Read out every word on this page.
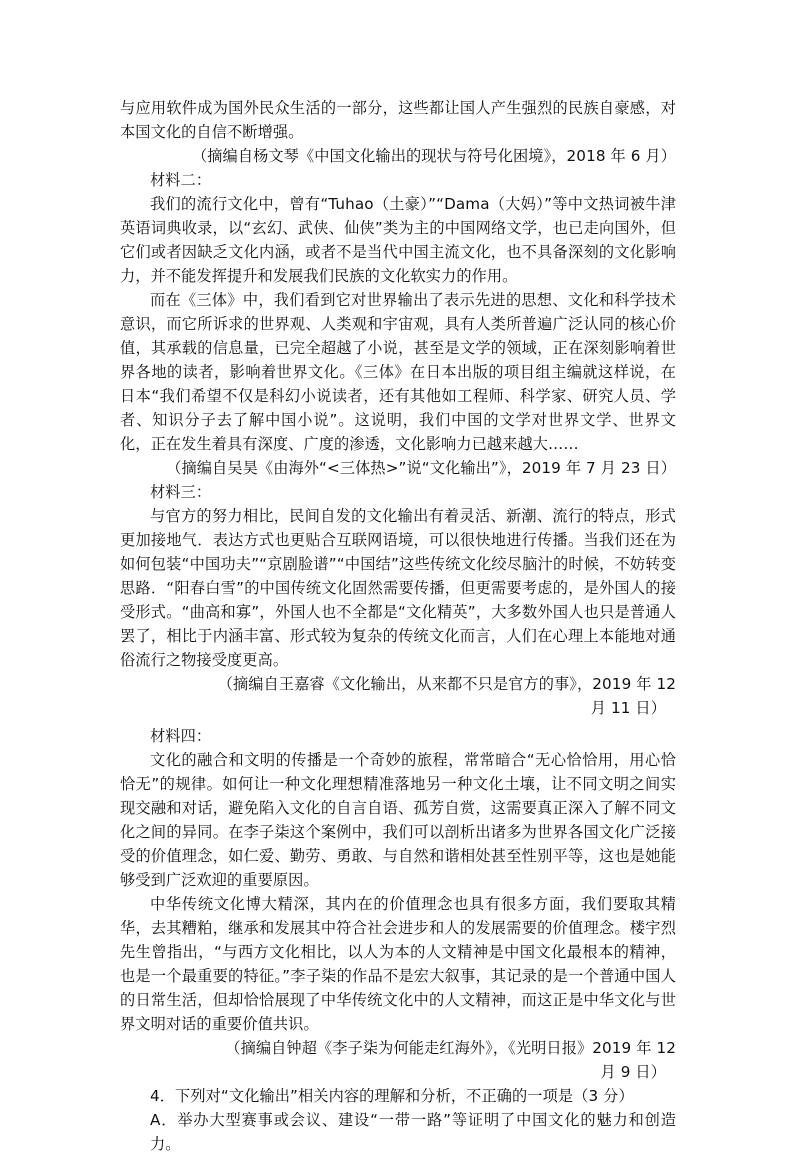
与应用软件成为国外民众生活的一部分，这些都让国人产生强烈的民族自豪感，对本国文化的自信不断增强。

（摘编自杨文琴《中国文化输出的现状与符号化困境》，2018 年 6 月）

材料二：

我们的流行文化中，曾有“Tuhao（土豪）”“Dama（大妈）”等中文热词被牛津英语词典收录，以“玄幻、武侠、仙侠”类为主的中国网络文学，也已走向国外，但它们或者因缺乏文化内涵，或者不是当代中国主流文化，也不具备深刻的文化影响力，并不能发挥提升和发展我们民族的文化软实力的作用。

而在《三体》中，我们看到它对世界输出了表示先进的思想、文化和科学技术意识，而它所诉求的世界观、人类观和宇宙观，具有人类所普遍广泛认同的核心价值，其承载的信息量，已完全超越了小说，甚至是文学的领域，正在深刻影响着世界各地的读者，影响着世界文化。《三体》在日本出版的项目组主编就这样说，在日本“我们希望不仅是科幻小说读者，还有其他如工程师、科学家、研究人员、学者、知识分子去了解中国小说”。这说明，我们中国的文学对世界文学、世界文化，正在发生着具有深度、广度的渗透，文化影响力已越来越大……

（摘编自吴昊《由海外“<三体热>”说“文化输出”》，2019 年 7 月 23 日）

材料三：

与官方的努力相比，民间自发的文化输出有着灵活、新潮、流行的特点，形式更加接地气．表达方式也更贴合互联网语境，可以很快地进行传播。当我们还在为如何包装“中国功夫”“京剧脸谱”“中国结”这些传统文化绞尽脑汁的时候，不妨转变思路．“阳春白雪”的中国传统文化固然需要传播，但更需要考虑的，是外国人的接受形式。“曲高和寡”，外国人也不全都是“文化精英”，大多数外国人也只是普通人罢了，相比于内涵丰富、形式较为复杂的传统文化而言，人们在心理上本能地对通俗流行之物接受度更高。

（摘编自王嘉睿《文化输出，从来都不只是官方的事》，2019 年 12

月 11 日）

材料四：

文化的融合和文明的传播是一个奇妙的旅程，常常暗合“无心恰恰用，用心恰恰无”的规律。如何让一种文化理想精准落地另一种文化土壤，让不同文明之间实现交融和对话，避免陷入文化的自言自语、孤芳自赏，这需要真正深入了解不同文化之间的异同。在李子柒这个案例中，我们可以剖析出诸多为世界各国文化广泛接受的价值理念，如仁爱、勤劳、勇敢、与自然和谐相处甚至性别平等，这也是她能够受到广泛欢迎的重要原因。

中华传统文化博大精深，其内在的价值理念也具有很多方面，我们要取其精华，去其糟粕，继承和发展其中符合社会进步和人的发展需要的价值理念。楼宇烈先生曾指出，“与西方文化相比，以人为本的人文精神是中国文化最根本的精神，也是一个最重要的特征。”李子柒的作品不是宏大叙事，其记录的是一个普通中国人的日常生活，但却恰恰展现了中华传统文化中的人文精神，而这正是中华文化与世界文明对话的重要价值共识。

（摘编自钟超《李子柒为何能走红海外》，《光明日报》2019 年 12

月 9 日）

4．下列对“文化输出”相关内容的理解和分析，不正确的一项是（3 分）

A．举办大型赛事或会议、建设“一带一路”等证明了中国文化的魅力和创造力。
